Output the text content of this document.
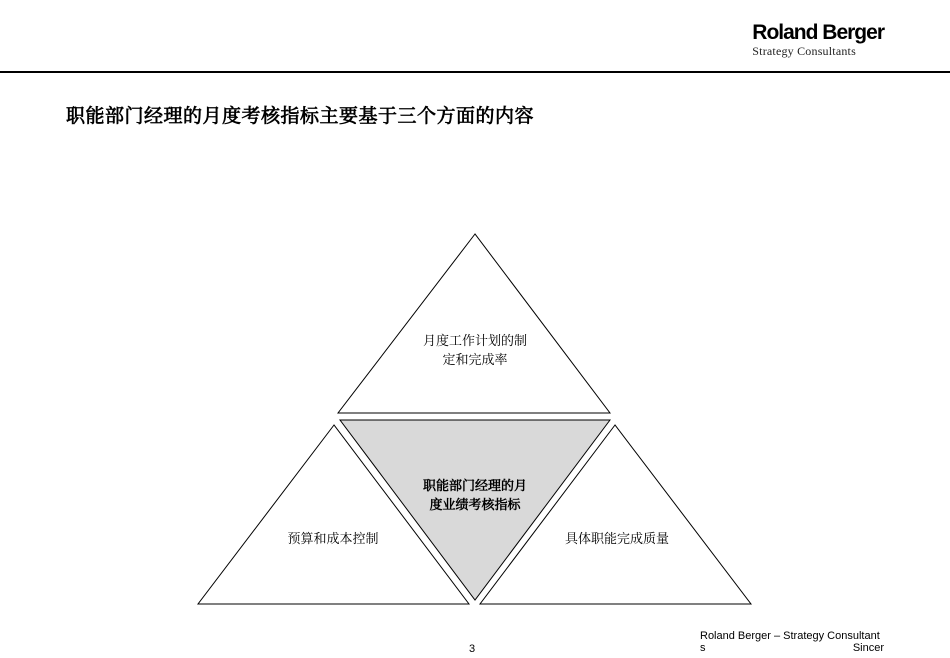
Roland Berger
Strategy Consultants
职能部门经理的月度考核指标主要基于三个方面的内容
月度工作计划的制
定和完成率
职能部门经理的月
度业绩考核指标
预算和成本控制	具体职能完成质量
3
Roland Berger – Strategy Consultant
s	Sincer
